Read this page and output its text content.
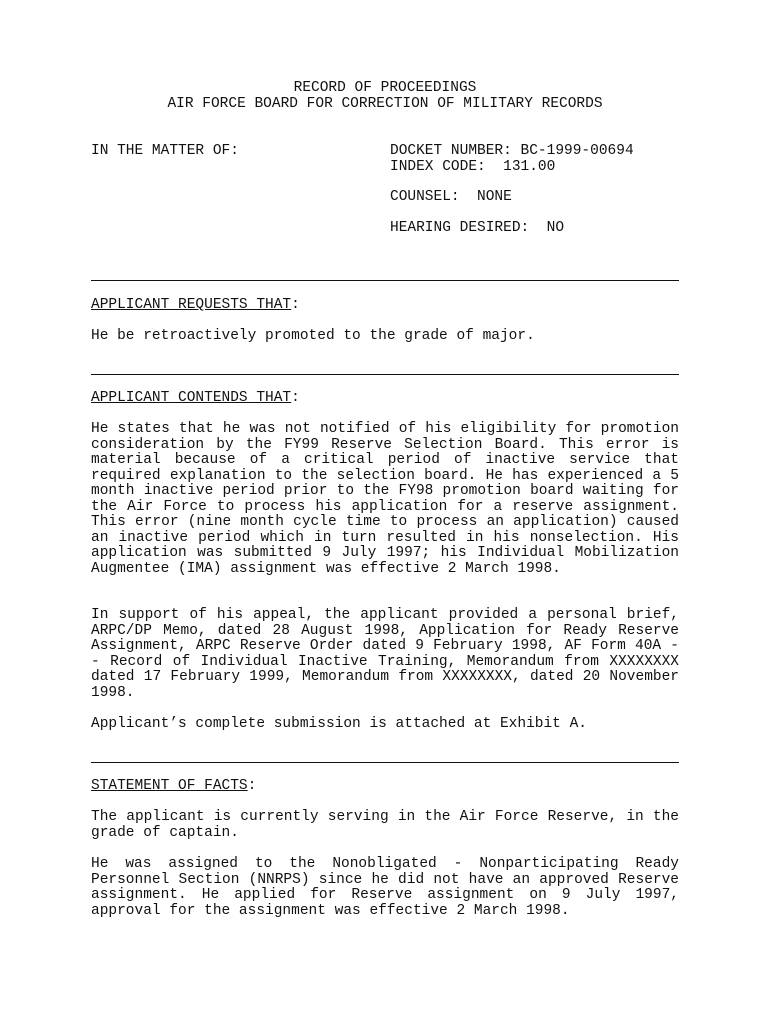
RECORD OF PROCEEDINGS
AIR FORCE BOARD FOR CORRECTION OF MILITARY RECORDS
IN THE MATTER OF:	DOCKET NUMBER: BC-1999-00694
INDEX CODE:  131.00
COUNSEL:  NONE
HEARING DESIRED:  NO
APPLICANT REQUESTS THAT:
He be retroactively promoted to the grade of major.
APPLICANT CONTENDS THAT:
He states that he was not notified of his eligibility for promotion consideration by the FY99 Reserve Selection Board. This error is material because of a critical period of inactive service that required explanation to the selection board. He has experienced a 5 month inactive period prior to the FY98 promotion board waiting for the Air Force to process his application for a reserve assignment. This error (nine month cycle time to process an application) caused an inactive period which in turn resulted in his nonselection. His application was submitted 9 July 1997; his Individual Mobilization Augmentee (IMA) assignment was effective 2 March 1998.
In support of his appeal, the applicant provided a personal brief, ARPC/DP Memo, dated 28 August 1998, Application for Ready Reserve Assignment, ARPC Reserve Order dated 9 February 1998, AF Form 40A -- Record of Individual Inactive Training, Memorandum from XXXXXXXX dated 17 February 1999, Memorandum from XXXXXXXX, dated 20 November 1998.
Applicant’s complete submission is attached at Exhibit A.
STATEMENT OF FACTS:
The applicant is currently serving in the Air Force Reserve, in the grade of captain.
He was assigned to the Nonobligated - Nonparticipating Ready Personnel Section (NNRPS) since he did not have an approved Reserve assignment. He applied for Reserve assignment on 9 July 1997, approval for the assignment was effective 2 March 1998.
